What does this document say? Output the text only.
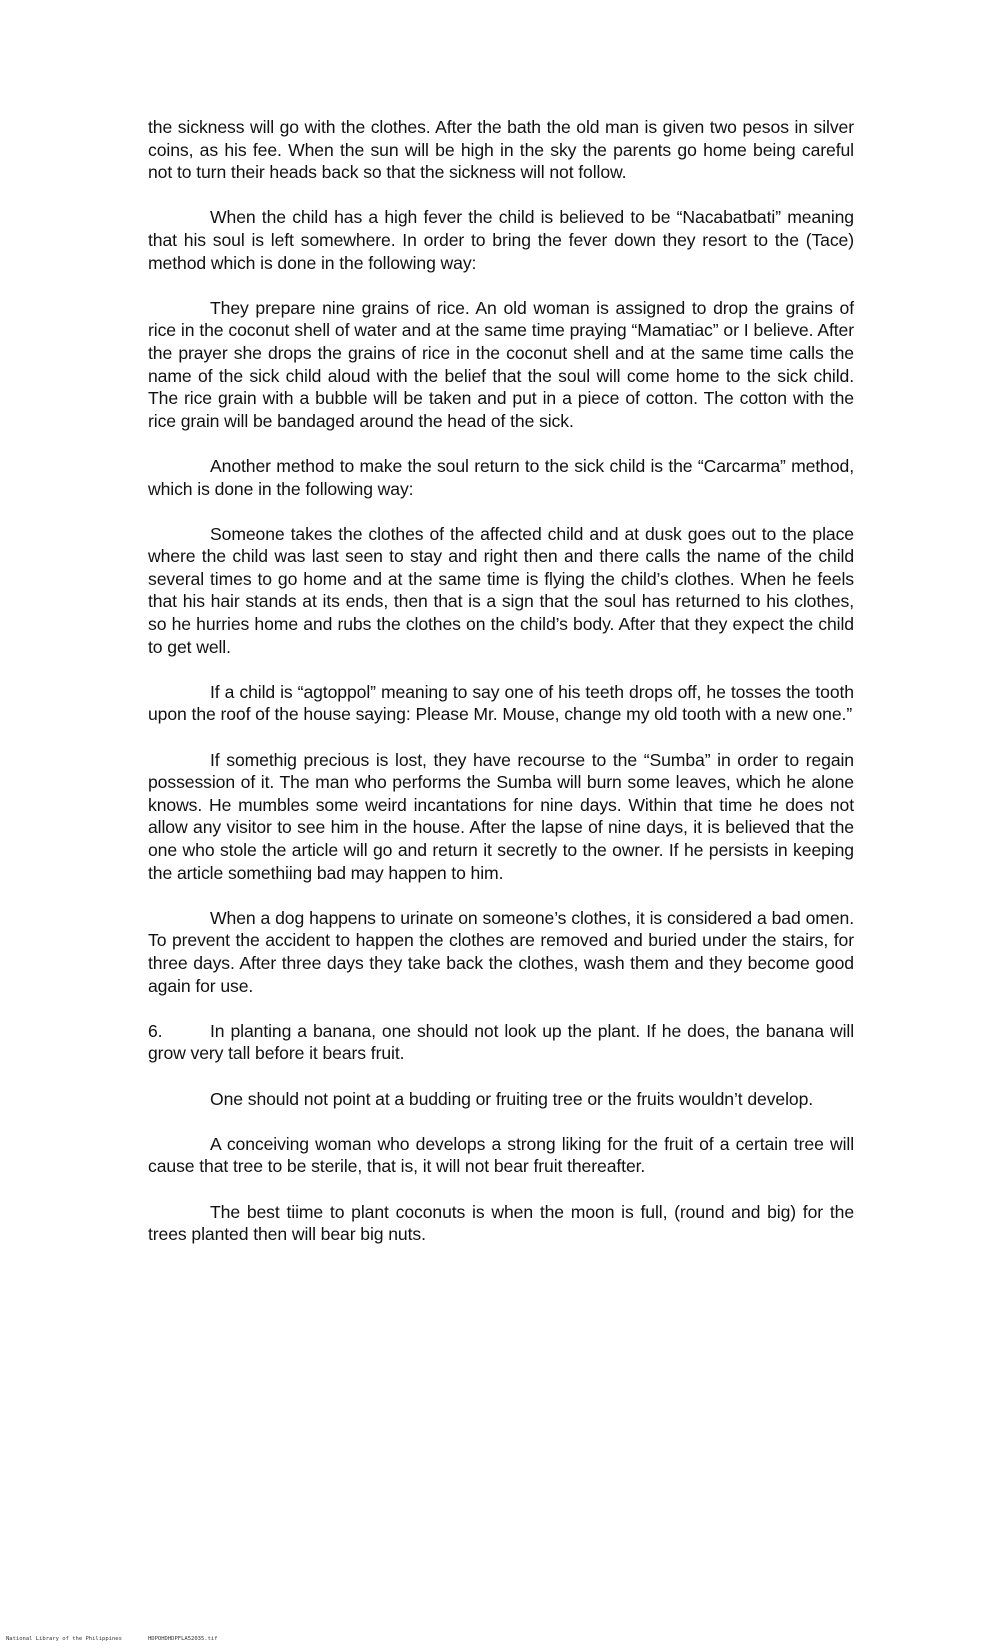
the sickness will go with the clothes. After the bath the old man is given two pesos in silver coins, as his fee. When the sun will be high in the sky the parents go home being careful not to turn their heads back so that the sickness will not follow.

When the child has a high fever the child is believed to be “Nacabatbati” meaning that his soul is left somewhere. In order to bring the fever down they resort to the (Tace) method which is done in the following way:

They prepare nine grains of rice. An old woman is assigned to drop the grains of rice in the coconut shell of water and at the same time praying “Mamatiac” or I believe. After the prayer she drops the grains of rice in the coconut shell and at the same time calls the name of the sick child aloud with the belief that the soul will come home to the sick child. The rice grain with a bubble will be taken and put in a piece of cotton. The cotton with the rice grain will be bandaged around the head of the sick.

Another method to make the soul return to the sick child is the “Carcarma” method, which is done in the following way:

Someone takes the clothes of the affected child and at dusk goes out to the place where the child was last seen to stay and right then and there calls the name of the child several times to go home and at the same time is flying the child’s clothes. When he feels that his hair stands at its ends, then that is a sign that the soul has returned to his clothes, so he hurries home and rubs the clothes on the child’s body. After that they expect the child to get well.

If a child is “agtoppol” meaning to say one of his teeth drops off, he tosses the tooth upon the roof of the house saying: Please Mr. Mouse, change my old tooth with a new one.”

If somethig precious is lost, they have recourse to the “Sumba” in order to regain possession of it. The man who performs the Sumba will burn some leaves, which he alone knows. He mumbles some weird incantations for nine days. Within that time he does not allow any visitor to see him in the house. After the lapse of nine days, it is believed that the one who stole the article will go and return it secretly to the owner. If he persists in keeping the article somethiing bad may happen to him.

When a dog happens to urinate on someone’s clothes, it is considered a bad omen. To prevent the accident to happen the clothes are removed and buried under the stairs, for three days. After three days they take back the clothes, wash them and they become good again for use.

6.	In planting a banana, one should not look up the plant. If he does, the banana will grow very tall before it bears fruit.

One should not point at a budding or fruiting tree or the fruits wouldn’t develop.

A conceiving woman who develops a strong liking for the fruit of a certain tree will cause that tree to be sterile, that is, it will not bear fruit thereafter.

The best tiime to plant coconuts is when the moon is full, (round and big) for the trees planted then will bear big nuts.

National Library of the Philippines	HDPOHDHDPFLA52035.tif
